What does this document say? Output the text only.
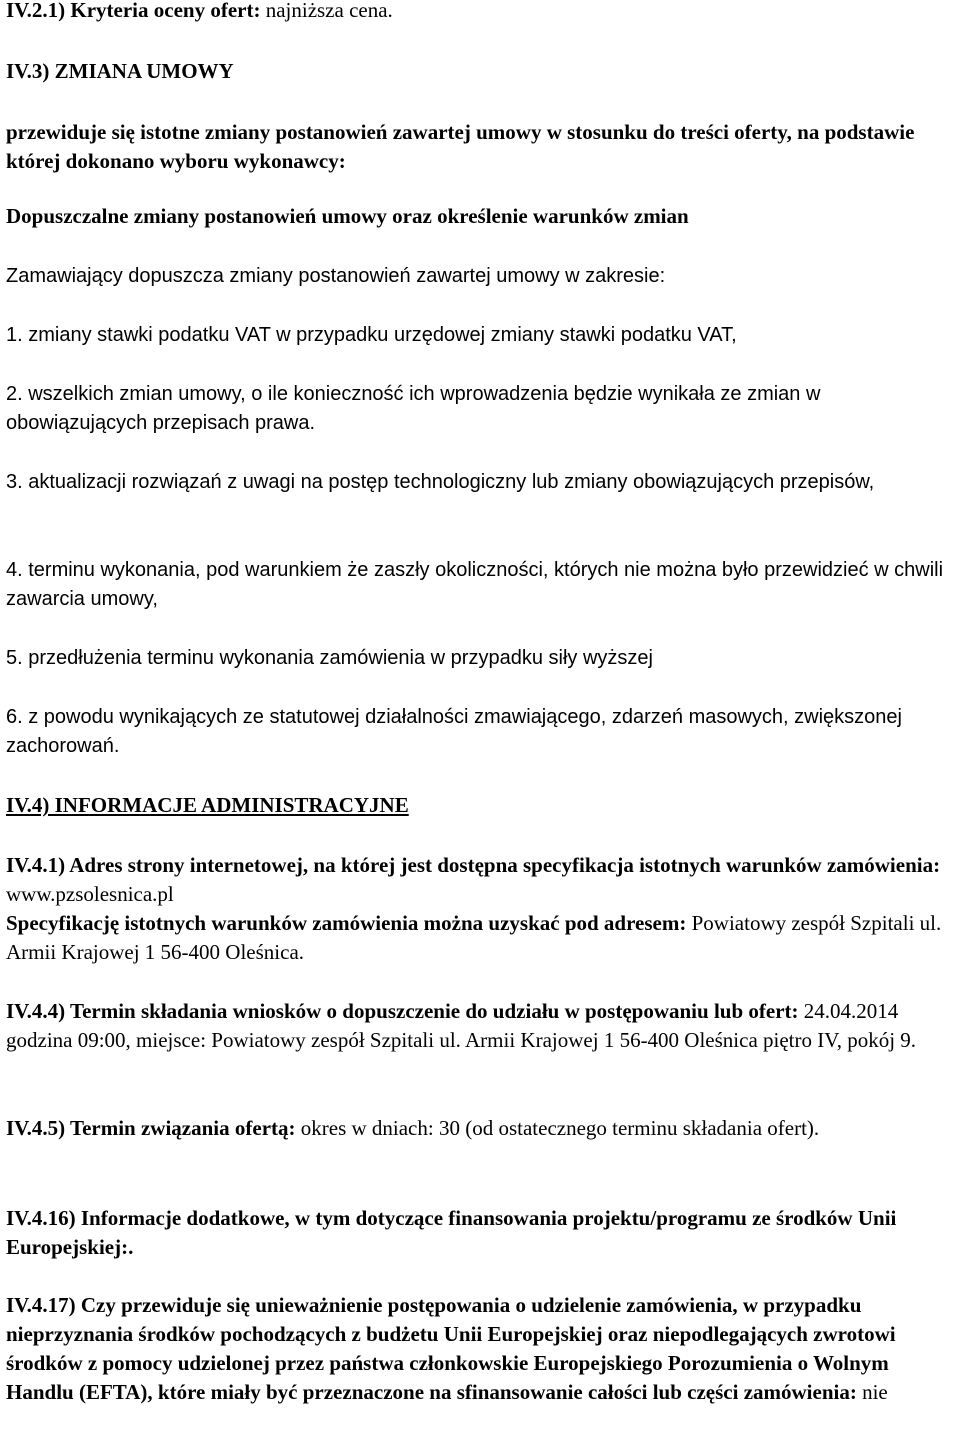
IV.2.1) Kryteria oceny ofert: najniższa cena.

IV.3) ZMIANA UMOWY

przewiduje się istotne zmiany postanowień zawartej umowy w stosunku do treści oferty, na podstawie której dokonano wyboru wykonawcy:

Dopuszczalne zmiany postanowień umowy oraz określenie warunków zmian

Zamawiający dopuszcza zmiany postanowień zawartej umowy w zakresie:

1. zmiany stawki podatku VAT w przypadku urzędowej zmiany stawki podatku VAT,

2. wszelkich zmian umowy, o ile konieczność ich wprowadzenia będzie wynikała ze zmian w obowiązujących przepisach prawa.

3. aktualizacji rozwiązań z uwagi na postęp technologiczny lub zmiany obowiązujących przepisów,

4. terminu wykonania, pod warunkiem że zaszły okoliczności, których nie można było przewidzieć w chwili zawarcia umowy,

5. przedłużenia terminu wykonania zamówienia w przypadku siły wyższej

6. z powodu wynikających ze statutowej działalności zmawiającego, zdarzeń masowych, zwiększonej zachorowań.

IV.4) INFORMACJE ADMINISTRACYJNE

IV.4.1) Adres strony internetowej, na której jest dostępna specyfikacja istotnych warunków zamówienia: www.pzsolesnica.pl
Specyfikację istotnych warunków zamówienia można uzyskać pod adresem: Powiatowy zespół Szpitali ul. Armii Krajowej 1 56-400 Oleśnica.

IV.4.4) Termin składania wniosków o dopuszczenie do udziału w postępowaniu lub ofert: 24.04.2014 godzina 09:00, miejsce: Powiatowy zespół Szpitali ul. Armii Krajowej 1 56-400 Oleśnica piętro IV, pokój 9.

IV.4.5) Termin związania ofertą: okres w dniach: 30 (od ostatecznego terminu składania ofert).

IV.4.16) Informacje dodatkowe, w tym dotyczące finansowania projektu/programu ze środków Unii Europejskiej:.

IV.4.17) Czy przewiduje się unieważnienie postępowania o udzielenie zamówienia, w przypadku nieprzyznania środków pochodzących z budżetu Unii Europejskiej oraz niepodlegających zwrotowi środków z pomocy udzielonej przez państwa członkowskie Europejskiego Porozumienia o Wolnym Handlu (EFTA), które miały być przeznaczone na sfinansowanie całości lub części zamówienia: nie
